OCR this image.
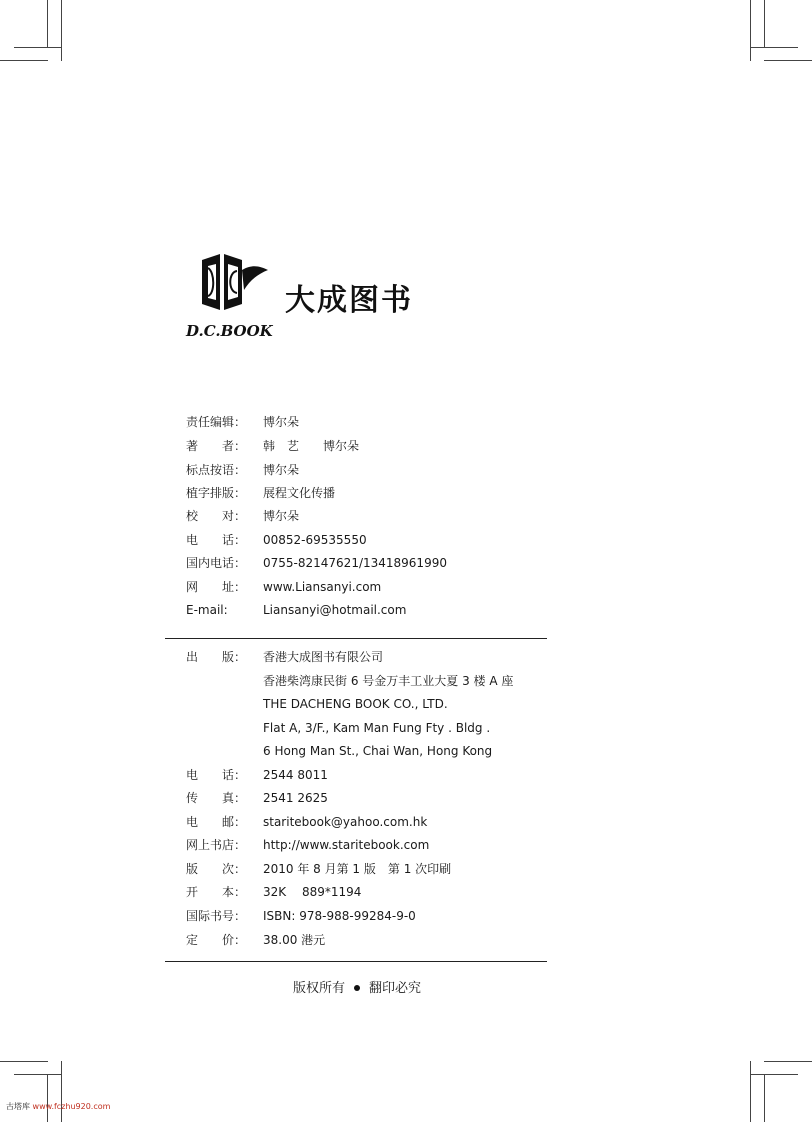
大成图书
D.C.BOOK
责任编辑： 博尔朵
著　　者： 韩　艺　　博尔朵
标点按语： 博尔朵
植字排版： 展程文化传播
校　　对： 博尔朵
电　　话： 00852-69535550
国内电话： 0755-82147621/13418961990
网　　址： www.Liansanyi.com
E-mail:	Liansanyi@hotmail.com
出　　版： 香港大成图书有限公司
香港柴湾康民街 6 号金万丰工业大夏 3 楼 A 座
THE DACHENG BOOK CO., LTD.
Flat A, 3/F., Kam Man Fung Fty . Bldg .
6 Hong Man St., Chai Wan, Hong Kong
电　　话： 2544 8011
传　　真： 2541 2625
电　　邮： staritebook@yahoo.com.hk
网上书店： http://www.staritebook.com
版　　次： 2010 年 8 月第 1 版　第 1 次印刷
开　　本： 32K　 889*1194
国际书号： ISBN: 978-988-99284-9-0
定　　价： 38.00 港元
版权所有 翻印必究
古塔库 www.fczhu920.com
